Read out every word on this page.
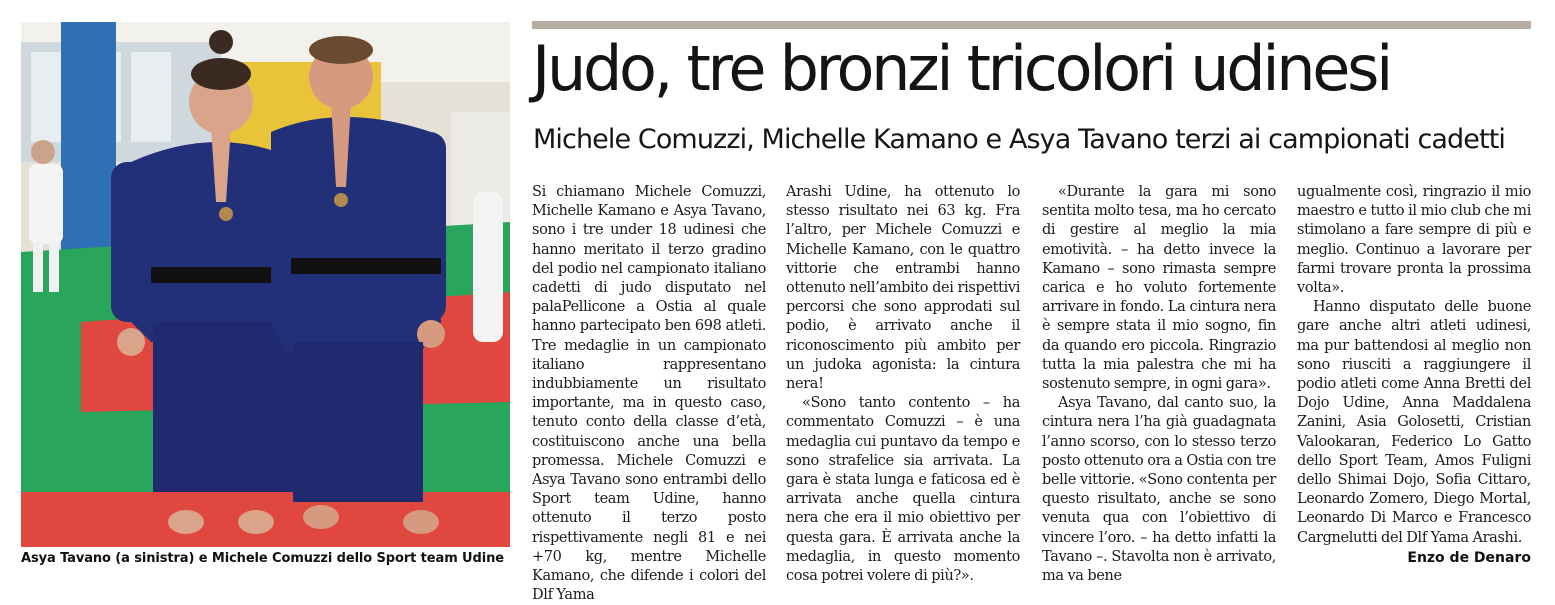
Asya Tavano (a sinistra) e Michele Comuzzi dello Sport team Udine
Judo, tre bronzi tricolori udinesi
Michele Comuzzi, Michelle Kamano e Asya Tavano terzi ai campionati cadetti

Si chiamano Michele Comuzzi, Michelle Kamano e Asya Tavano, sono i tre under 18 udinesi che hanno meritato il terzo gradino del podio nel campionato italiano cadetti di judo disputato nel palaPellicone a Ostia al quale hanno partecipato ben 698 atleti. Tre medaglie in un campionato italiano rappresentano indubbiamente un risultato importante, ma in questo caso, tenuto conto della classe d’età, costituiscono anche una bella promessa. Michele Comuzzi e Asya Tavano sono entrambi dello Sport team Udine, hanno ottenuto il terzo posto rispettivamente negli 81 e nei +70 kg, mentre Michelle Kamano, che difende i colori del Dlf Yama

Arashi Udine, ha ottenuto lo stesso risultato nei 63 kg. Fra l’altro, per Michele Comuzzi e Michelle Kamano, con le quattro vittorie che entrambi hanno ottenuto nell’ambito dei rispettivi percorsi che sono approdati sul podio, è arrivato anche il riconoscimento più ambito per un judoka agonista: la cintura nera!

«Sono tanto contento – ha commentato Comuzzi – è una medaglia cui puntavo da tempo e sono strafelice sia arrivata. La gara è stata lunga e faticosa ed è arrivata anche quella cintura nera che era il mio obiettivo per questa gara. È arrivata anche la medaglia, in questo momento cosa potrei volere di più?».

«Durante la gara mi sono sentita molto tesa, ma ho cercato di gestire al meglio la mia emotività. – ha detto invece la Kamano – sono rimasta sempre carica e ho voluto fortemente arrivare in fondo. La cintura nera è sempre stata il mio sogno, fin da quando ero piccola. Ringrazio tutta la mia palestra che mi ha sostenuto sempre, in ogni gara».

Asya Tavano, dal canto suo, la cintura nera l’ha già guadagnata l’anno scorso, con lo stesso terzo posto ottenuto ora a Ostia con tre belle vittorie. «Sono contenta per questo risultato, anche se sono venuta qua con l’obiettivo di vincere l’oro. – ha detto infatti la Tavano –. Stavolta non è arrivato, ma va bene

ugualmente così, ringrazio il mio maestro e tutto il mio club che mi stimolano a fare sempre di più e meglio. Continuo a lavorare per farmi trovare pronta la prossima volta».

Hanno disputato delle buone gare anche altri atleti udinesi, ma pur battendosi al meglio non sono riusciti a raggiungere il podio atleti come Anna Bretti del Dojo Udine, Anna Maddalena Zanini, Asia Golosetti, Cristian Valookaran, Federico Lo Gatto dello Sport Team, Amos Fuligni dello Shimai Dojo, Sofia Cittaro, Leonardo Zomero, Diego Mortal, Leonardo Di Marco e Francesco Cargnelutti del Dlf Yama Arashi.

Enzo de Denaro
